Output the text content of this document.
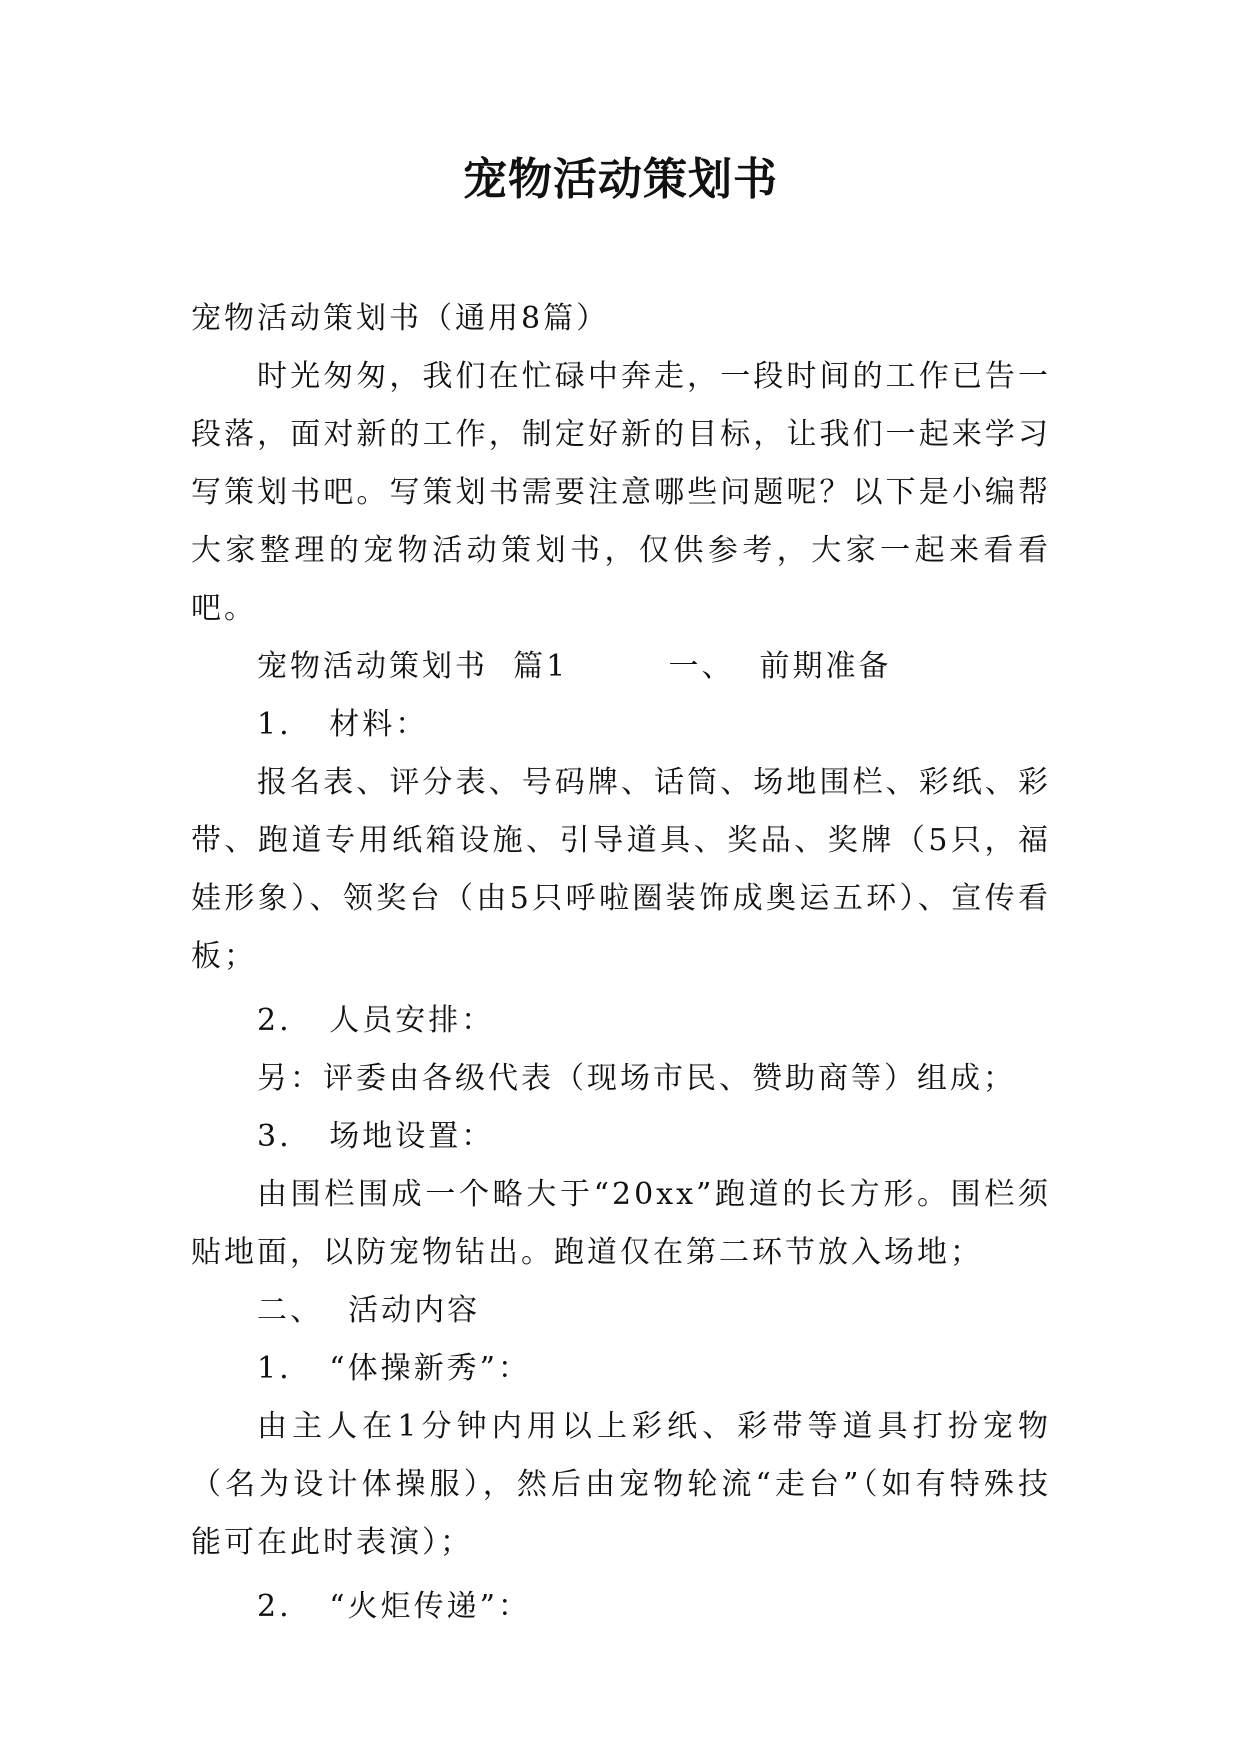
宠物活动策划书

宠物活动策划书（通用8篇）

时光匆匆，我们在忙碌中奔走，一段时间的工作已告一段落，面对新的工作，制定好新的目标，让我们一起来学习写策划书吧。写策划书需要注意哪些问题呢？以下是小编帮大家整理的宠物活动策划书，仅供参考，大家一起来看看吧。

宠物活动策划书  篇1        一、  前期准备

1.   材料：

报名表、评分表、号码牌、话筒、场地围栏、彩纸、彩带、跑道专用纸箱设施、引导道具、奖品、奖牌（5只，福娃形象）、领奖台（由5只呼啦圈装饰成奥运五环）、宣传看板；

2.   人员安排：

另：评委由各级代表（现场市民、赞助商等）组成；

3.   场地设置：

由围栏围成一个略大于“20xx”跑道的长方形。围栏须贴地面，以防宠物钻出。跑道仅在第二环节放入场地；

二、  活动内容

1.   “体操新秀”：

由主人在1分钟内用以上彩纸、彩带等道具打扮宠物（名为设计体操服），然后由宠物轮流“走台”（如有特殊技能可在此时表演）；

2.   “火炬传递”：
